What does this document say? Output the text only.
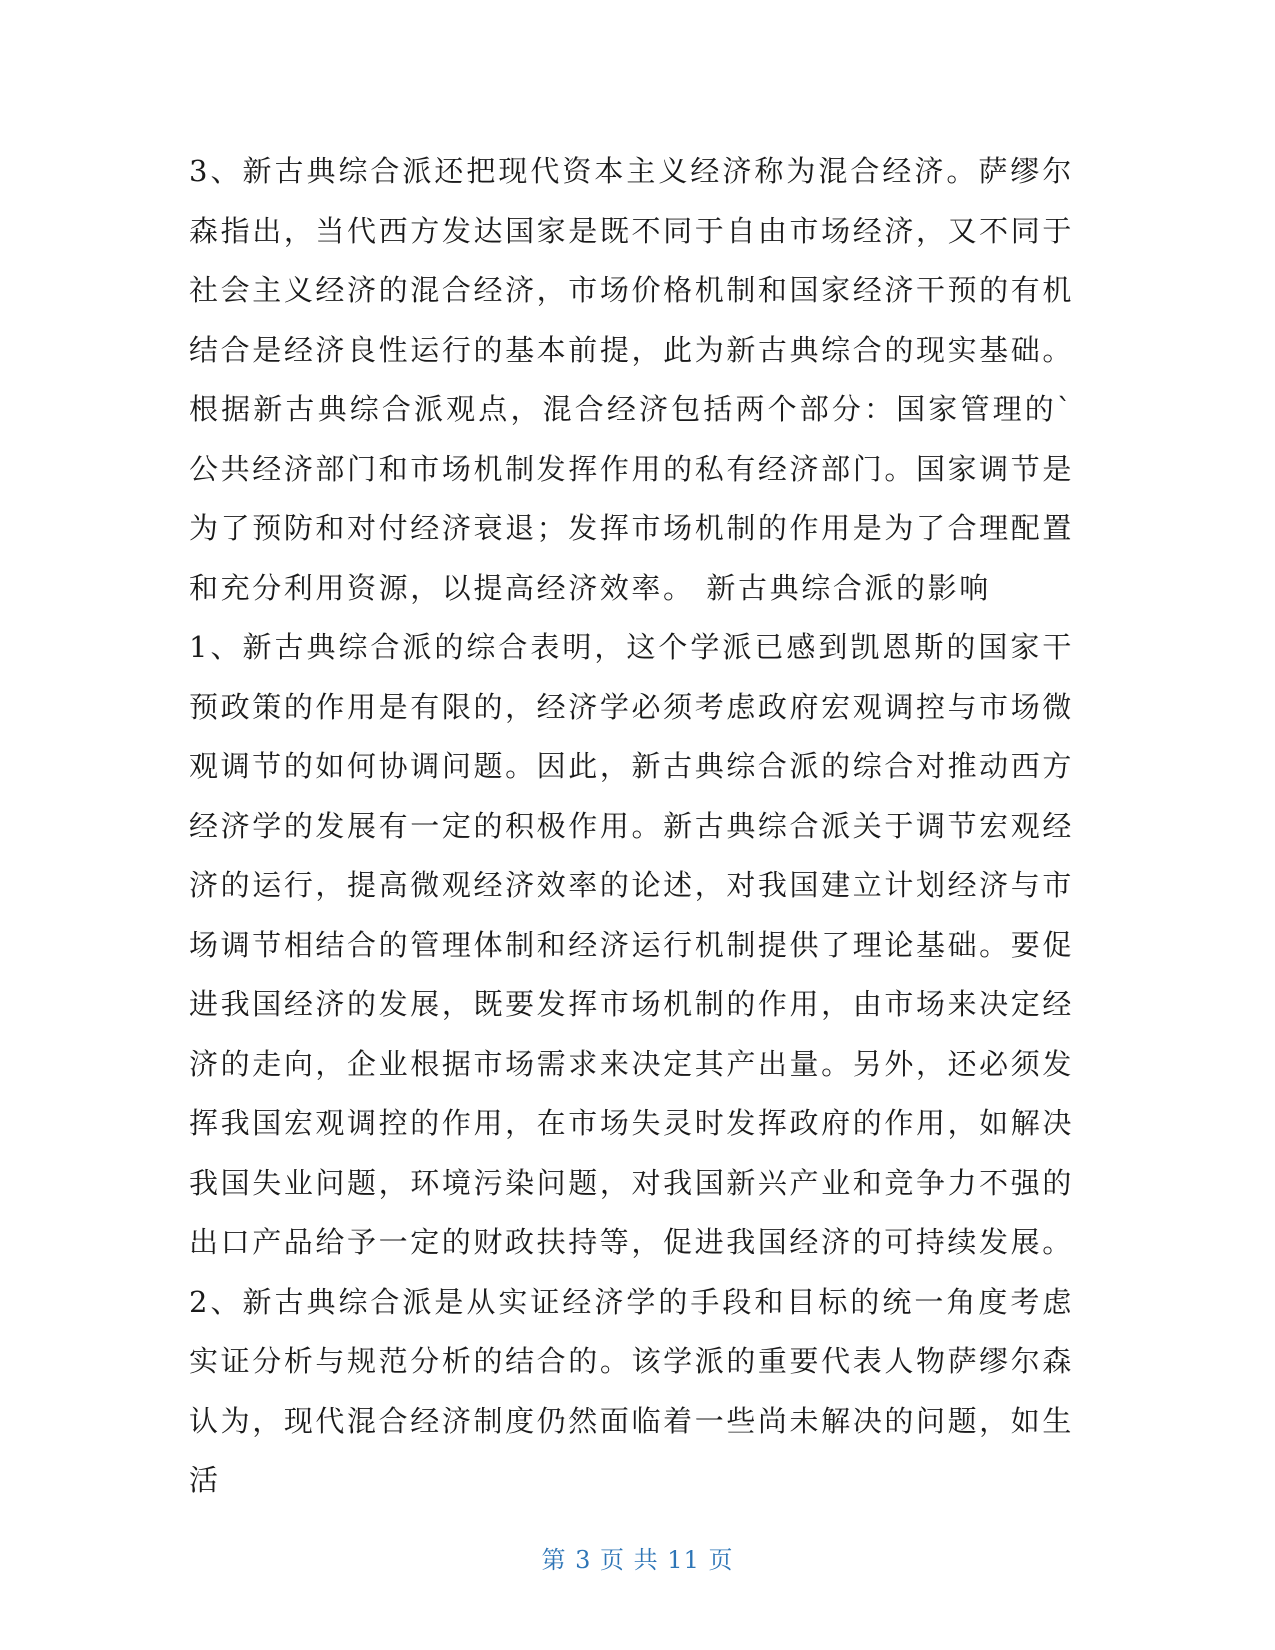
3、新古典综合派还把现代资本主义经济称为混合经济。萨缪尔森指出，当代西方发达国家是既不同于自由市场经济，又不同于社会主义经济的混合经济，市场价格机制和国家经济干预的有机结合是经济良性运行的基本前提，此为新古典综合的现实基础。根据新古典综合派观点，混合经济包括两个部分：国家管理的`公共经济部门和市场机制发挥作用的私有经济部门。国家调节是为了预防和对付经济衰退；发挥市场机制的作用是为了合理配置和充分利用资源，以提高经济效率。 新古典综合派的影响

1、新古典综合派的综合表明，这个学派已感到凯恩斯的国家干预政策的作用是有限的，经济学必须考虑政府宏观调控与市场微观调节的如何协调问题。因此，新古典综合派的综合对推动西方经济学的发展有一定的积极作用。新古典综合派关于调节宏观经济的运行，提高微观经济效率的论述，对我国建立计划经济与市场调节相结合的管理体制和经济运行机制提供了理论基础。要促进我国经济的发展，既要发挥市场机制的作用，由市场来决定经济的走向，企业根据市场需求来决定其产出量。另外，还必须发挥我国宏观调控的作用，在市场失灵时发挥政府的作用，如解决我国失业问题，环境污染问题，对我国新兴产业和竞争力不强的出口产品给予一定的财政扶持等，促进我国经济的可持续发展。

2、新古典综合派是从实证经济学的手段和目标的统一角度考虑实证分析与规范分析的结合的。该学派的重要代表人物萨缪尔森认为，现代混合经济制度仍然面临着一些尚未解决的问题，如生活

第 3 页 共 11 页
